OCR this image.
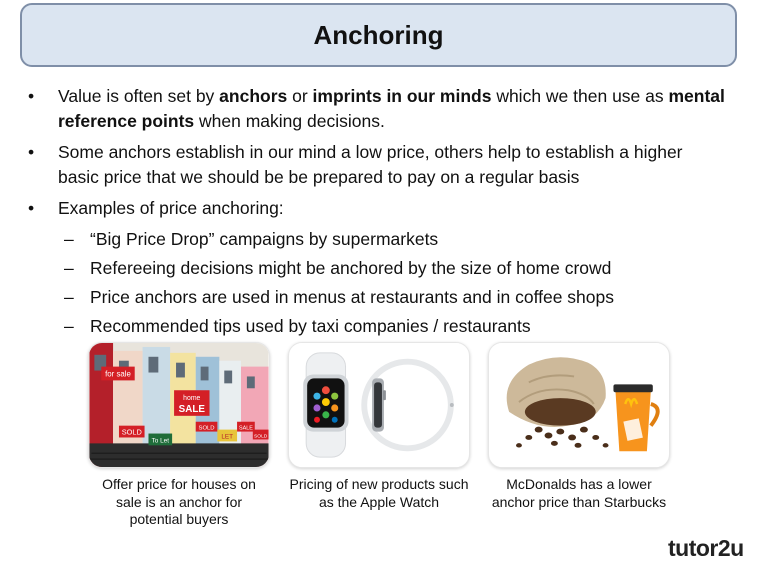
Anchoring
• Value is often set by anchors or imprints in our minds which we then use as mental reference points when making decisions.
• Some anchors establish in our mind a low price, others help to establish a higher basic price that we should be be prepared to pay on a regular basis
• Examples of price anchoring:
– “Big Price Drop” campaigns by supermarkets
– Refereeing decisions might be anchored by the size of home crowd
– Price anchors are used in menus at restaurants and in coffee shops
– Recommended tips used by taxi companies / restaurants
for sale
home
SALE
SOLD
To Let
SOLD
LET
SALE
SOLD
Offer price for houses on sale is an anchor for potential buyers
Pricing of new products such as the Apple Watch
McDonalds has a lower anchor price than Starbucks
tutor2u
